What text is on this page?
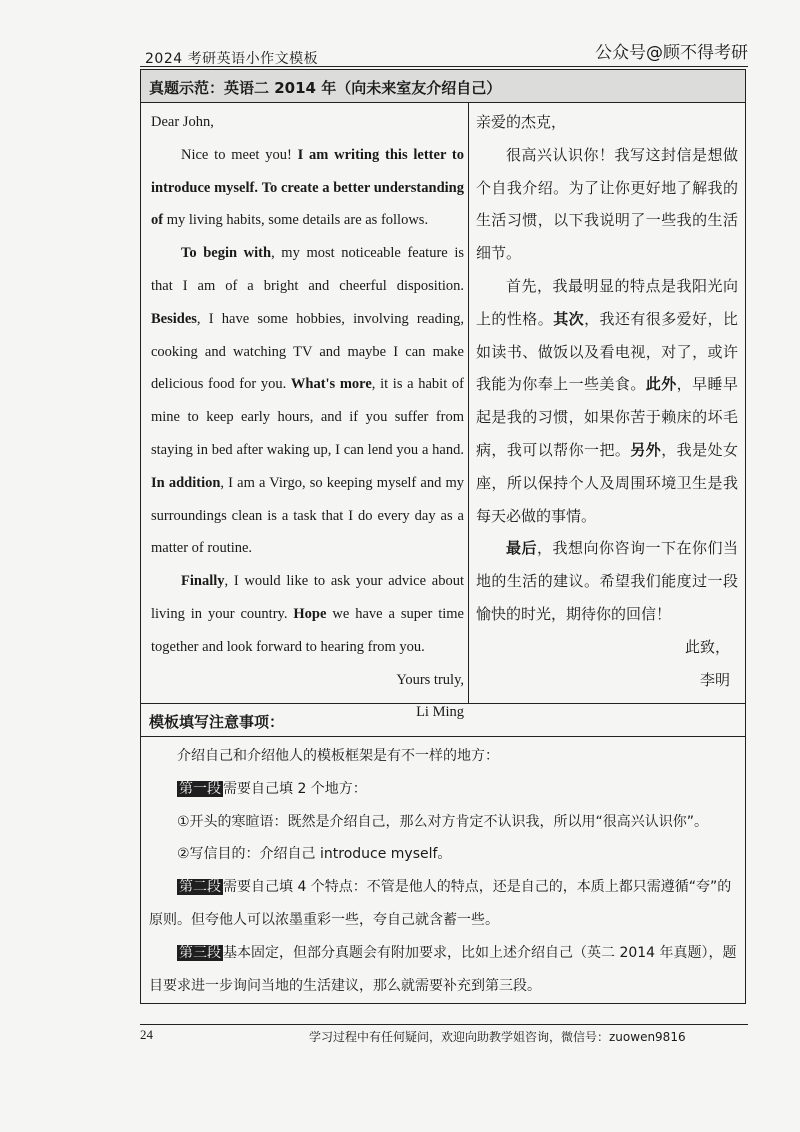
2024 考研英语小作文模板	公众号@顾不得考研
真题示范：英语二 2014 年（向未来室友介绍自己）

Dear John,

Nice to meet you! I am writing this letter to introduce myself. To create a better understanding of my living habits, some details are as follows.

To begin with, my most noticeable feature is that I am of a bright and cheerful disposition. Besides, I have some hobbies, involving reading, cooking and watching TV and maybe I can make delicious food for you. What's more, it is a habit of mine to keep early hours, and if you suffer from staying in bed after waking up, I can lend you a hand. In addition, I am a Virgo, so keeping myself and my surroundings clean is a task that I do every day as a matter of routine.

Finally, I would like to ask your advice about living in your country. Hope we have a super time together and look forward to hearing from you.

Yours truly,

Li Ming

亲爱的杰克，

很高兴认识你！我写这封信是想做个自我介绍。为了让你更好地了解我的生活习惯，以下我说明了一些我的生活细节。

首先，我最明显的特点是我阳光向上的性格。其次，我还有很多爱好，比如读书、做饭以及看电视，对了，或许我能为你奉上一些美食。此外，早睡早起是我的习惯，如果你苦于赖床的坏毛病，我可以帮你一把。另外，我是处女座，所以保持个人及周围环境卫生是我每天必做的事情。

最后，我想向你咨询一下在你们当地的生活的建议。希望我们能度过一段愉快的时光，期待你的回信！

此致，

李明

模板填写注意事项：

介绍自己和介绍他人的模板框架是有不一样的地方：

第一段 需要自己填 2 个地方：

①开头的寒暄语：既然是介绍自己，那么对方肯定不认识我，所以用“很高兴认识你”。

②写信目的：介绍自己 introduce myself。

第二段 需要自己填 4 个特点：不管是他人的特点，还是自己的，本质上都只需遵循“夸”的原则。但夸他人可以浓墨重彩一些，夸自己就含蓄一些。

第三段 基本固定，但部分真题会有附加要求，比如上述介绍自己（英二 2014 年真题），题目要求进一步询问当地的生活建议，那么就需要补充到第三段。

24	学习过程中有任何疑问，欢迎向助教学姐咨询，微信号：zuowen9816
